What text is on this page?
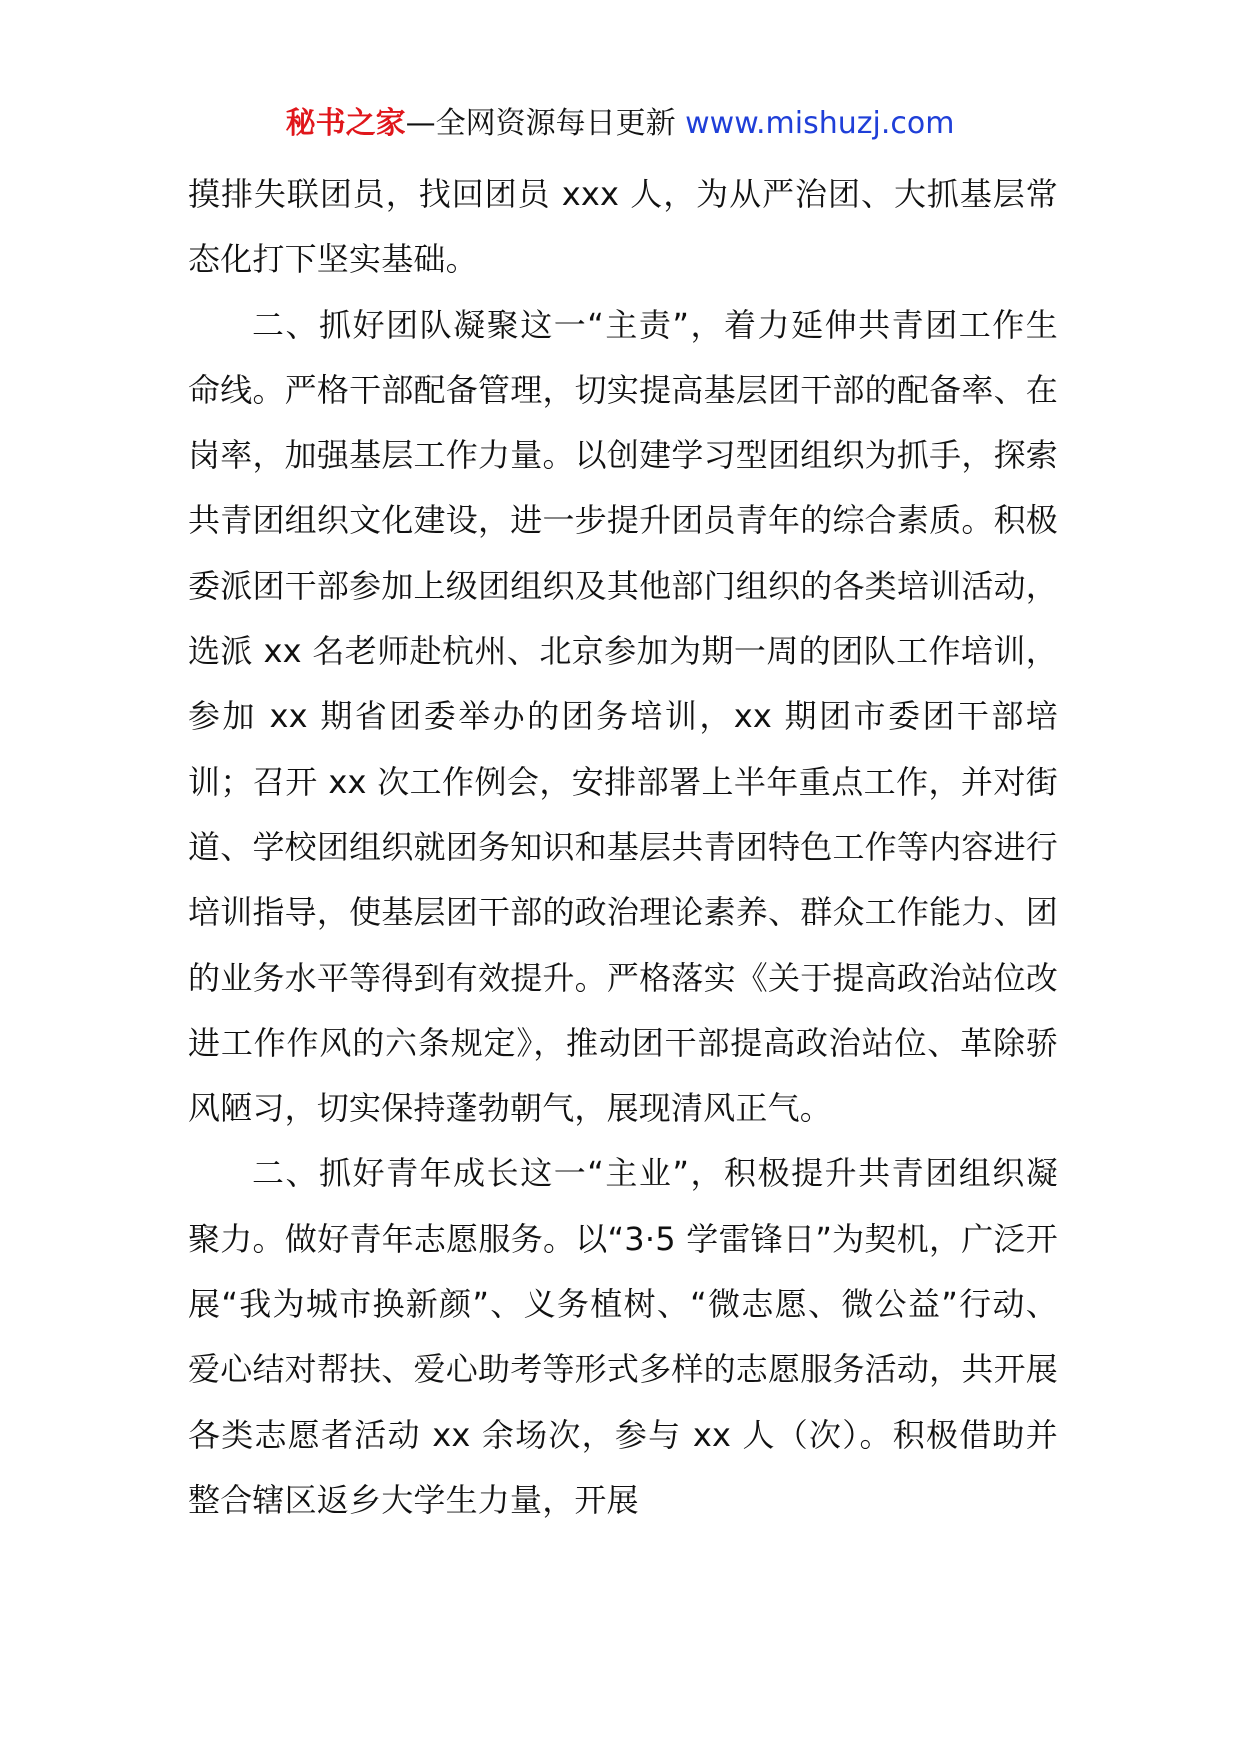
秘书之家—全网资源每日更新 www.mishuzj.com

摸排失联团员，找回团员 xxx 人，为从严治团、大抓基层常态化打下坚实基础。

二、抓好团队凝聚这一“主责”，着力延伸共青团工作生命线。严格干部配备管理，切实提高基层团干部的配备率、在岗率，加强基层工作力量。以创建学习型团组织为抓手，探索共青团组织文化建设，进一步提升团员青年的综合素质。积极委派团干部参加上级团组织及其他部门组织的各类培训活动，选派 xx 名老师赴杭州、北京参加为期一周的团队工作培训，参加 xx 期省团委举办的团务培训，xx 期团市委团干部培训；召开 xx 次工作例会，安排部署上半年重点工作，并对街道、学校团组织就团务知识和基层共青团特色工作等内容进行培训指导，使基层团干部的政治理论素养、群众工作能力、团的业务水平等得到有效提升。严格落实《关于提高政治站位改进工作作风的六条规定》，推动团干部提高政治站位、革除骄风陋习，切实保持蓬勃朝气，展现清风正气。

二、抓好青年成长这一“主业”，积极提升共青团组织凝聚力。做好青年志愿服务。以“3·5 学雷锋日”为契机，广泛开展“我为城市换新颜”、义务植树、“微志愿、微公益”行动、爱心结对帮扶、爱心助考等形式多样的志愿服务活动，共开展各类志愿者活动 xx 余场次，参与 xx 人（次）。积极借助并整合辖区返乡大学生力量，开展
